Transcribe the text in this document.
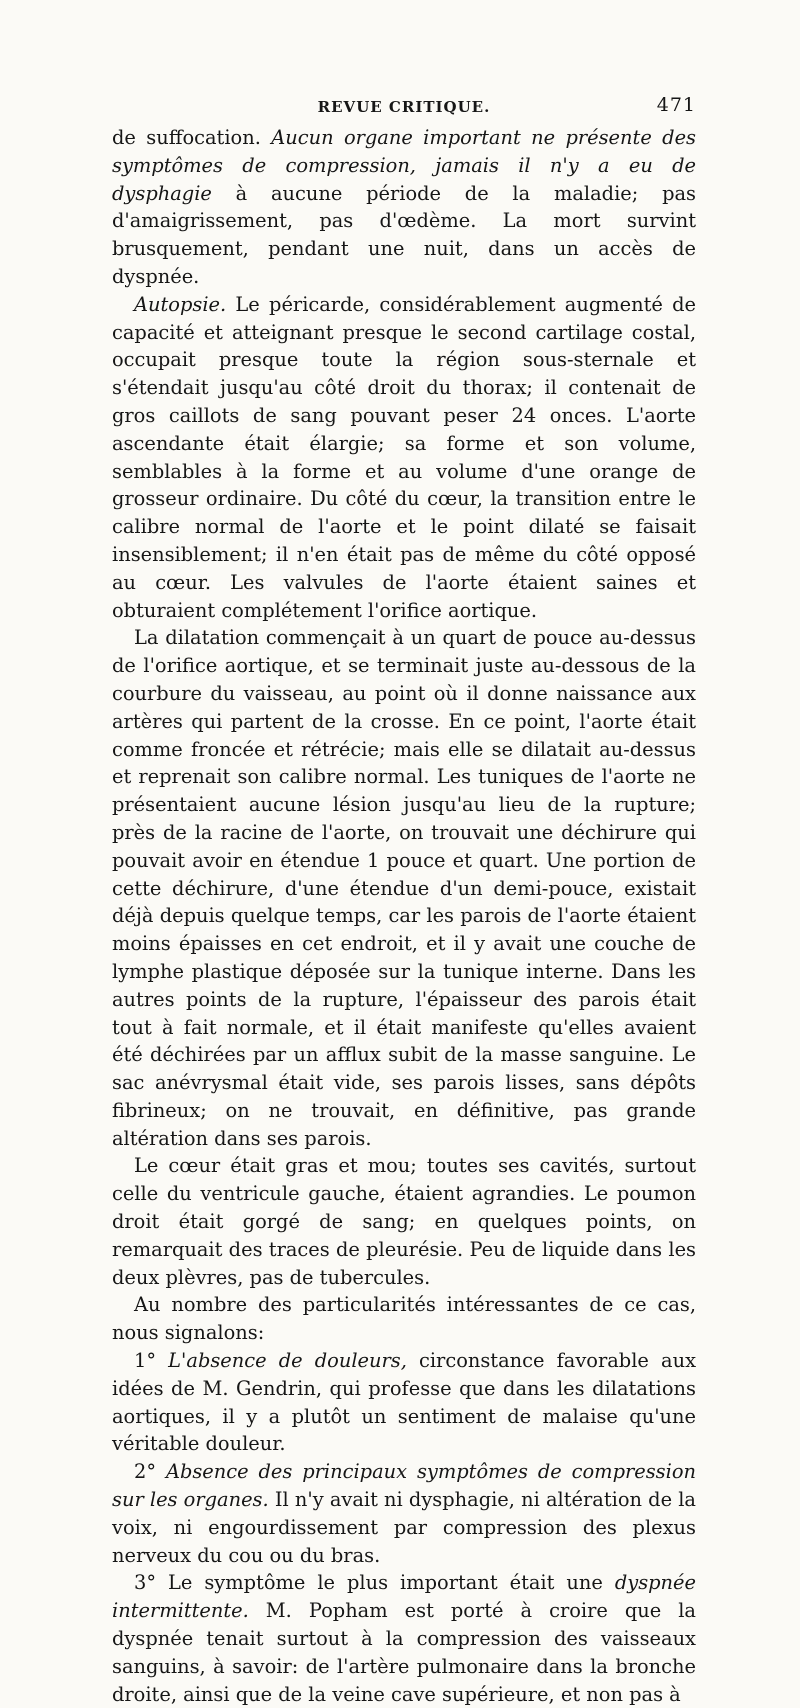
REVUE CRITIQUE.	471

de suffocation. Aucun organe important ne présente des symptômes de compression, jamais il n'y a eu de dysphagie à aucune période de la maladie; pas d'amaigrissement, pas d'œdème. La mort survint brusquement, pendant une nuit, dans un accès de dyspnée.

Autopsie. Le péricarde, considérablement augmenté de capacité et atteignant presque le second cartilage costal, occupait presque toute la région sous-sternale et s'étendait jusqu'au côté droit du thorax; il contenait de gros caillots de sang pouvant peser 24 onces. L'aorte ascendante était élargie; sa forme et son volume, semblables à la forme et au volume d'une orange de grosseur ordinaire. Du côté du cœur, la transition entre le calibre normal de l'aorte et le point dilaté se faisait insensiblement; il n'en était pas de même du côté opposé au cœur. Les valvules de l'aorte étaient saines et obturaient complétement l'orifice aortique.

La dilatation commençait à un quart de pouce au-dessus de l'orifice aortique, et se terminait juste au-dessous de la courbure du vaisseau, au point où il donne naissance aux artères qui partent de la crosse. En ce point, l'aorte était comme froncée et rétrécie; mais elle se dilatait au-dessus et reprenait son calibre normal. Les tuniques de l'aorte ne présentaient aucune lésion jusqu'au lieu de la rupture; près de la racine de l'aorte, on trouvait une déchirure qui pouvait avoir en étendue 1 pouce et quart. Une portion de cette déchirure, d'une étendue d'un demi-pouce, existait déjà depuis quelque temps, car les parois de l'aorte étaient moins épaisses en cet endroit, et il y avait une couche de lymphe plastique déposée sur la tunique interne. Dans les autres points de la rupture, l'épaisseur des parois était tout à fait normale, et il était manifeste qu'elles avaient été déchirées par un afflux subit de la masse sanguine. Le sac anévrysmal était vide, ses parois lisses, sans dépôts fibrineux; on ne trouvait, en définitive, pas grande altération dans ses parois.

Le cœur était gras et mou; toutes ses cavités, surtout celle du ventricule gauche, étaient agrandies. Le poumon droit était gorgé de sang; en quelques points, on remarquait des traces de pleurésie. Peu de liquide dans les deux plèvres, pas de tubercules.

Au nombre des particularités intéressantes de ce cas, nous signalons:

1° L'absence de douleurs, circonstance favorable aux idées de M. Gendrin, qui professe que dans les dilatations aortiques, il y a plutôt un sentiment de malaise qu'une véritable douleur.

2° Absence des principaux symptômes de compression sur les organes. Il n'y avait ni dysphagie, ni altération de la voix, ni engourdissement par compression des plexus nerveux du cou ou du bras.

3° Le symptôme le plus important était une dyspnée intermittente. M. Popham est porté à croire que la dyspnée tenait surtout à la compression des vaisseaux sanguins, à savoir: de l'artère pulmonaire dans la bronche droite, ainsi que de la veine cave supérieure, et non pas à
